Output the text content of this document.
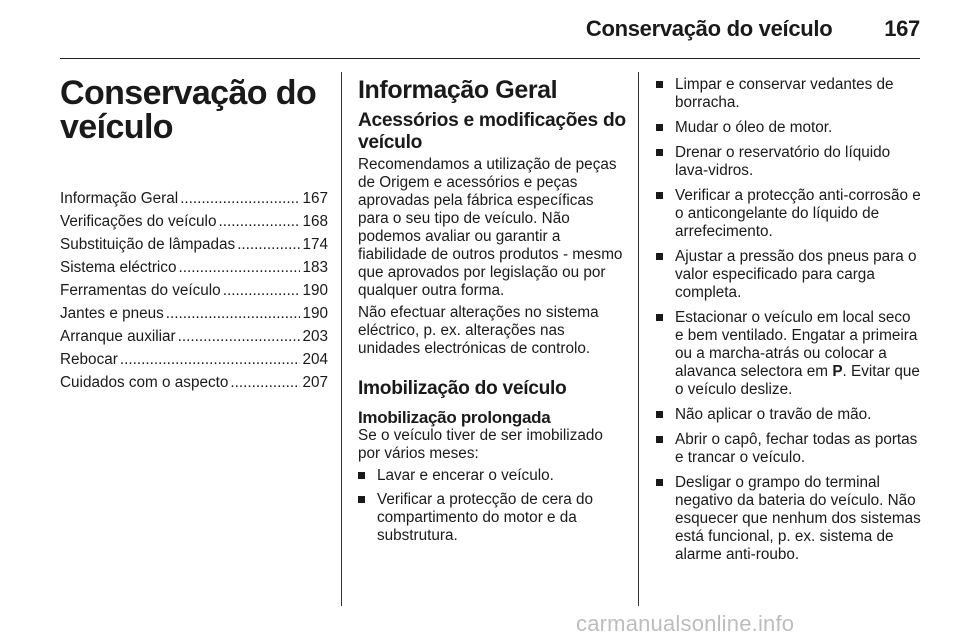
Conservação do veículo 167
Conservação do
veículo
Informação Geral .....	167
Verificações do veículo .....	168
Substituição de lâmpadas .....	174
Sistema eléctrico .....	183
Ferramentas do veículo .....	190
Jantes e pneus .....	190
Arranque auxiliar .....	203
Rebocar .....	204
Cuidados com o aspecto .....	207
Informação Geral
Acessórios e modificações do veículo

Recomendamos a utilização de peças de Origem e acessórios e peças aprovadas pela fábrica específicas para o seu tipo de veículo. Não podemos avaliar ou garantir a fiabilidade de outros produtos - mesmo que aprovados por legislação ou por qualquer outra forma.

Não efectuar alterações no sistema eléctrico, p. ex. alterações nas unidades electrónicas de controlo.

Imobilização do veículo
Imobilização prolongada

Se o veículo tiver de ser imobilizado por vários meses:

Lavar e encerar o veículo.
Verificar a protecção de cera do compartimento do motor e da substrutura.
Limpar e conservar vedantes de borracha.
Mudar o óleo de motor.
Drenar o reservatório do líquido lava-vidros.
Verificar a protecção anti-corrosão e o anticongelante do líquido de arrefecimento.
Ajustar a pressão dos pneus para o valor especificado para carga completa.
Estacionar o veículo em local seco e bem ventilado. Engatar a primeira ou a marcha-atrás ou colocar a alavanca selectora em P. Evitar que o veículo deslize.
Não aplicar o travão de mão.
Abrir o capô, fechar todas as portas e trancar o veículo.
Desligar o grampo do terminal negativo da bateria do veículo. Não esquecer que nenhum dos sistemas está funcional, p. ex. sistema de alarme anti-roubo.
carmanualsonline.info
